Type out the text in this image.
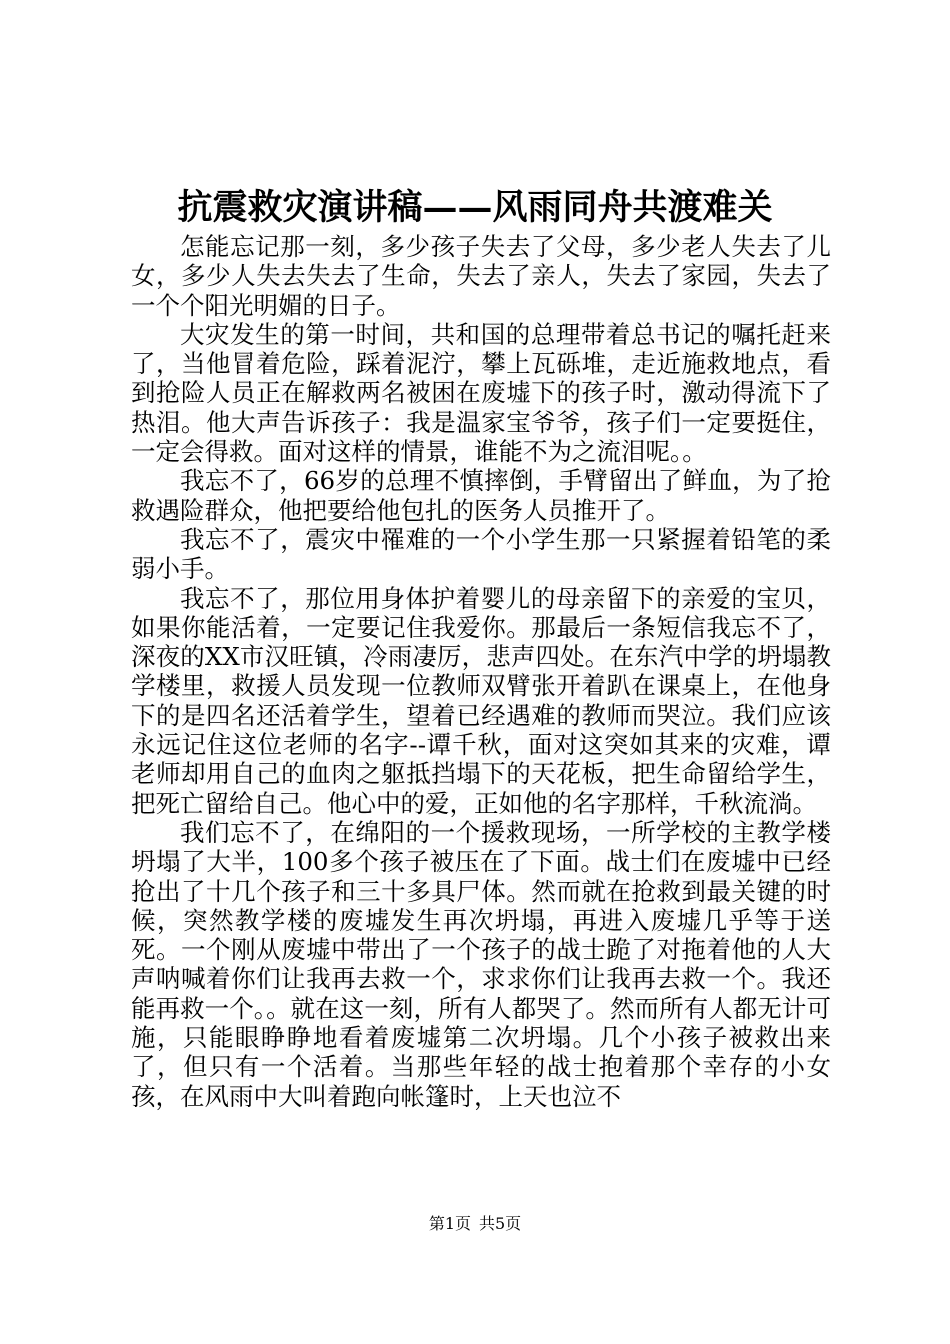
抗震救灾演讲稿——风雨同舟共渡难关

怎能忘记那一刻，多少孩子失去了父母，多少老人失去了儿女，多少人失去失去了生命，失去了亲人，失去了家园，失去了一个个阳光明媚的日子。

大灾发生的第一时间，共和国的总理带着总书记的嘱托赶来了，当他冒着危险，踩着泥泞，攀上瓦砾堆，走近施救地点，看到抢险人员正在解救两名被困在废墟下的孩子时，激动得流下了热泪。他大声告诉孩子：我是温家宝爷爷，孩子们一定要挺住，一定会得救。面对这样的情景，谁能不为之流泪呢。。

我忘不了，66岁的总理不慎摔倒，手臂留出了鲜血，为了抢救遇险群众，他把要给他包扎的医务人员推开了。

我忘不了，震灾中罹难的一个小学生那一只紧握着铅笔的柔弱小手。

我忘不了，那位用身体护着婴儿的母亲留下的亲爱的宝贝，如果你能活着，一定要记住我爱你。那最后一条短信我忘不了，深夜的XX市汉旺镇，冷雨凄厉，悲声四处。在东汽中学的坍塌教学楼里，救援人员发现一位教师双臂张开着趴在课桌上，在他身下的是四名还活着学生，望着已经遇难的教师而哭泣。我们应该永远记住这位老师的名字--谭千秋，面对这突如其来的灾难，谭老师却用自己的血肉之躯抵挡塌下的天花板，把生命留给学生，把死亡留给自己。他心中的爱，正如他的名字那样，千秋流淌。

我们忘不了，在绵阳的一个援救现场，一所学校的主教学楼坍塌了大半，100多个孩子被压在了下面。战士们在废墟中已经抢出了十几个孩子和三十多具尸体。然而就在抢救到最关键的时候，突然教学楼的废墟发生再次坍塌，再进入废墟几乎等于送死。一个刚从废墟中带出了一个孩子的战士跪了对拖着他的人大声呐喊着你们让我再去救一个，求求你们让我再去救一个。我还能再救一个。。就在这一刻，所有人都哭了。然而所有人都无计可施，只能眼睁睁地看着废墟第二次坍塌。几个小孩子被救出来了，但只有一个活着。当那些年轻的战士抱着那个幸存的小女孩，在风雨中大叫着跑向帐篷时，上天也泣不

第1页 共5页
